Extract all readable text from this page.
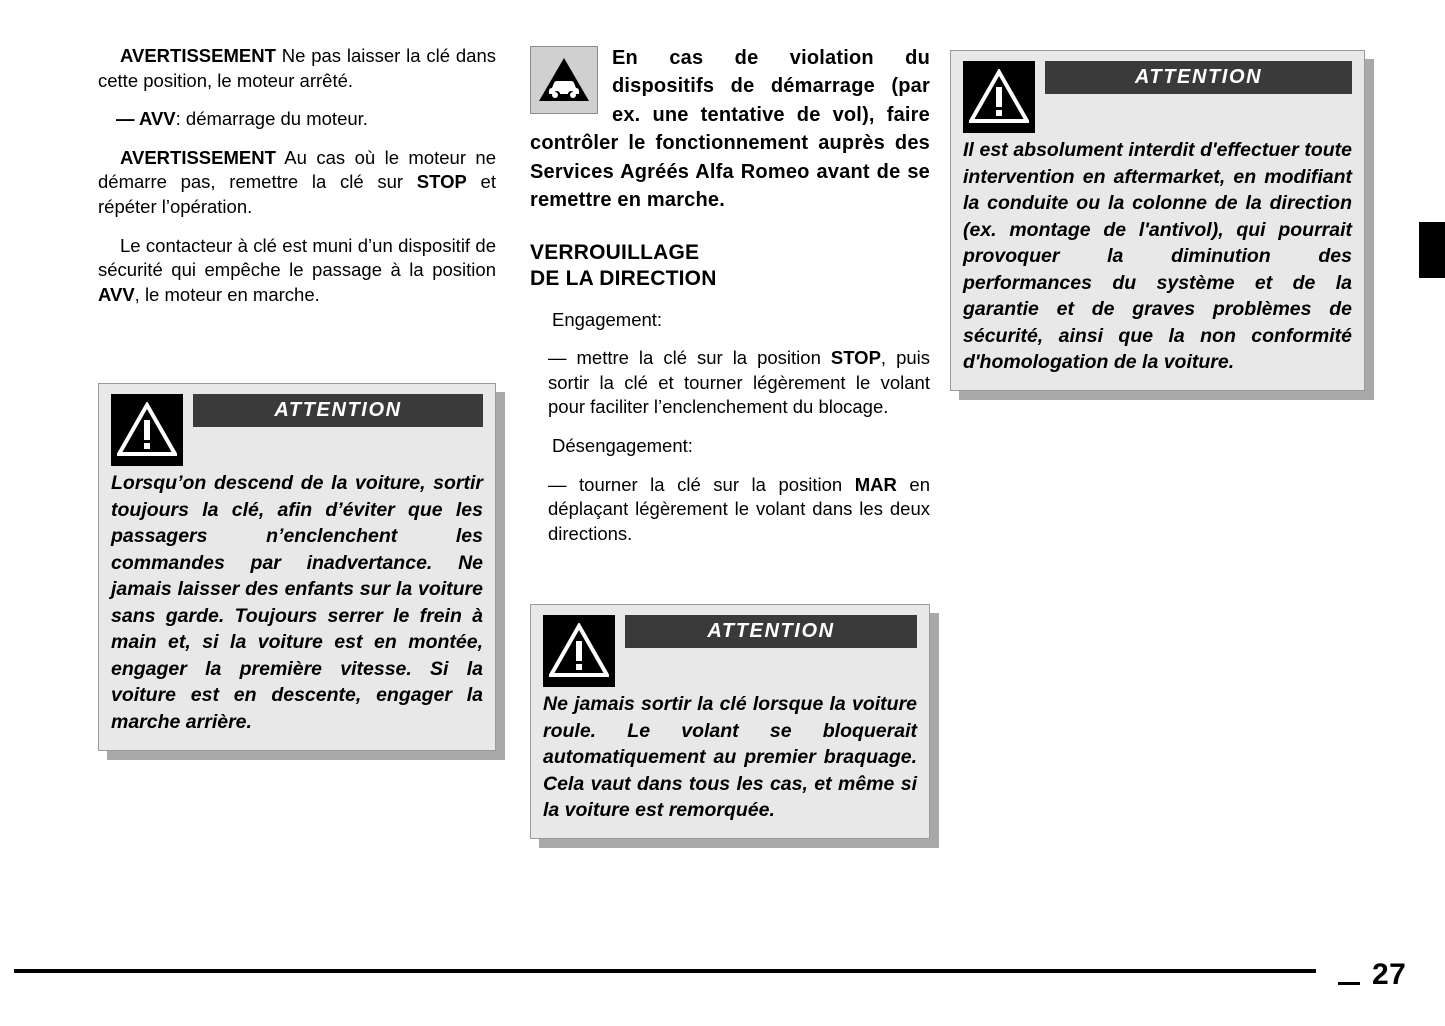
AVERTISSEMENT Ne pas laisser la clé dans cette position, le moteur arrêté.

— AVV: démarrage du moteur.

AVERTISSEMENT Au cas où le moteur ne démarre pas, remettre la clé sur STOP et répéter l’opération.

Le contacteur à clé est muni d’un dispositif de sécurité qui empêche le passage à la position AVV, le moteur en marche.

ATTENTION

Lorsqu’on descend de la voiture, sortir toujours la clé, afin d’éviter que les passagers n’enclenchent les commandes par inadvertance. Ne jamais laisser des enfants sur la voiture sans garde. Toujours serrer le frein à main et, si la voiture est en montée, engager la première vitesse. Si la voiture est en descente, engager la marche arrière.

En cas de violation du dispositifs de démarrage (par ex. une tentative de vol), faire contrôler le fonctionnement auprès des Services Agréés Alfa Romeo avant de se remettre en marche.

VERROUILLAGE
DE LA DIRECTION

Engagement:

— mettre la clé sur la position STOP, puis sortir la clé et tourner légèrement le volant pour faciliter l’enclenchement du blocage.

Désengagement:

— tourner la clé sur la position MAR en déplaçant légèrement le volant dans les deux directions.

ATTENTION

Ne jamais sortir la clé lorsque la voiture roule. Le volant se bloquerait automatiquement au premier braquage. Cela vaut dans tous les cas, et même si la voiture est remorquée.

ATTENTION

Il est absolument interdit d'effectuer toute intervention en aftermarket, en modifiant la conduite ou la colonne de la direction (ex. montage de l'antivol), qui pourrait provoquer la diminution des performances du système et de la garantie et de graves problèmes de sécurité, ainsi que la non conformité d'homologation de la voiture.

27
